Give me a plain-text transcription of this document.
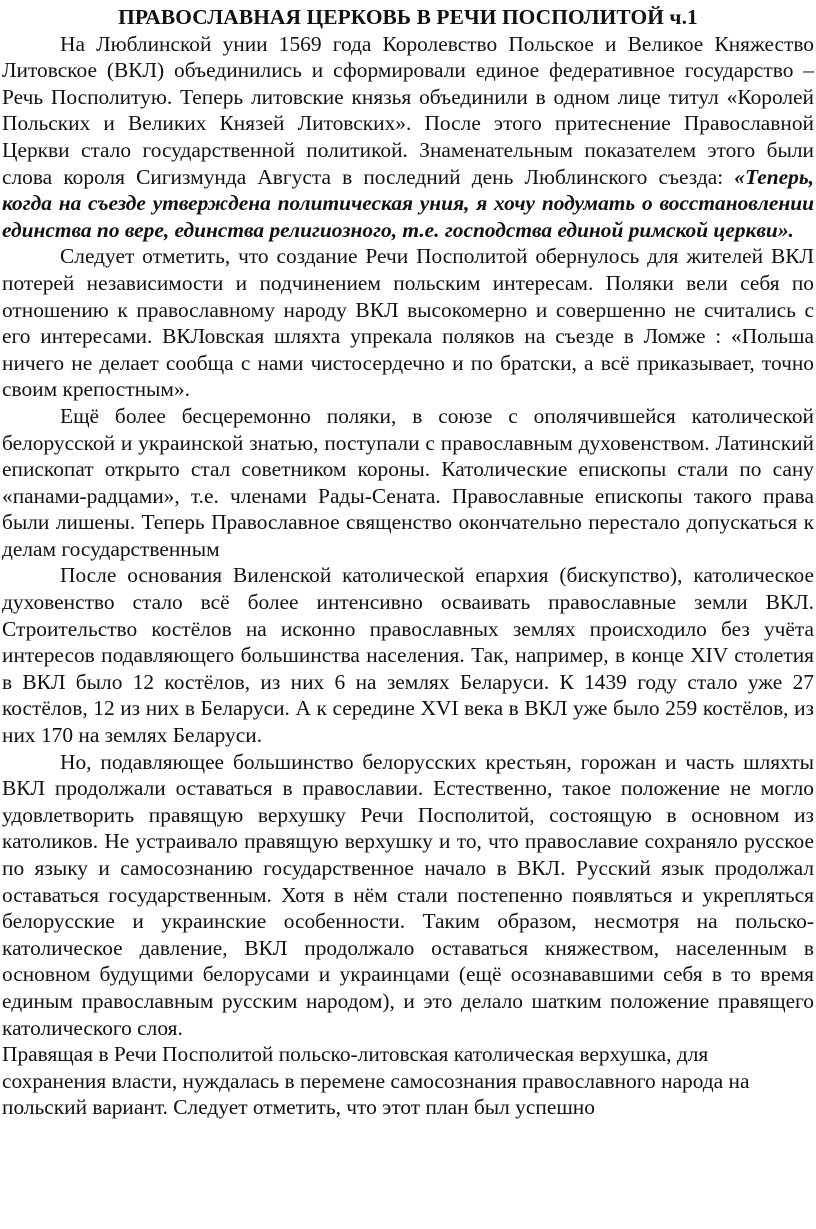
ПРАВОСЛАВНАЯ ЦЕРКОВЬ В РЕЧИ ПОСПОЛИТОЙ ч.1

На Люблинской унии 1569 года Королевство Польское и Великое Княжество Литовское (ВКЛ) объединились и сформировали единое федеративное государство – Речь Посполитую. Теперь литовские князья объединили в одном лице титул «Королей Польских и Великих Князей Литовских». После этого притеснение Православной Церкви стало государственной политикой. Знаменательным показателем этого были слова короля Сигизмунда Августа в последний день Люблинского съезда: «Теперь, когда на съезде утверждена политическая уния, я хочу подумать о восстановлении единства по вере, единства религиозного, т.е. господства единой римской церкви».

Следует отметить, что создание Речи Посполитой обернулось для жителей ВКЛ потерей независимости и подчинением польским интересам. Поляки вели себя по отношению к православному народу ВКЛ высокомерно и совершенно не считались с его интересами. ВКЛовская шляхта упрекала поляков на съезде в Ломже : «Польша ничего не делает сообща с нами чистосердечно и по братски, а всё приказывает, точно своим крепостным».

Ещё более бесцеремонно поляки, в союзе с ополячившейся католической белорусской и украинской знатью, поступали с православным духовенством. Латинский епископат открыто стал советником короны. Католические епископы стали по сану «панами-радцами», т.е. членами Рады-Сената. Православные епископы такого права были лишены. Теперь Православное священство окончательно перестало допускаться к делам государственным

После основания Виленской католической епархия (бискупство), католическое духовенство стало всё более интенсивно осваивать православные земли ВКЛ. Строительство костёлов на исконно православных землях происходило без учёта интересов подавляющего большинства населения. Так, например, в конце XIV столетия в ВКЛ было 12 костёлов, из них 6 на землях Беларуси. К 1439 году стало уже 27 костёлов, 12 из них в Беларуси. А к середине XVI века в ВКЛ уже было 259 костёлов, из них 170 на землях Беларуси.

Но, подавляющее большинство белорусских крестьян, горожан и часть шляхты ВКЛ продолжали оставаться в православии. Естественно, такое положение не могло удовлетворить правящую верхушку Речи Посполитой, состоящую в основном из католиков. Не устраивало правящую верхушку и то, что православие сохраняло русское по языку и самосознанию государственное начало в ВКЛ. Русский язык продолжал оставаться государственным. Хотя в нём стали постепенно появляться и укрепляться белорусские и украинские особенности. Таким образом, несмотря на польско-католическое давление, ВКЛ продолжало оставаться княжеством, населенным в основном будущими белорусами и украинцами (ещё осознававшими себя в то время единым православным русским народом), и это делало шатким положение правящего католического слоя.

Правящая в Речи Посполитой польско-литовская католическая верхушка, для сохранения власти, нуждалась в перемене самосознания православного народа на польский вариант. Следует отметить, что этот план был успешно
